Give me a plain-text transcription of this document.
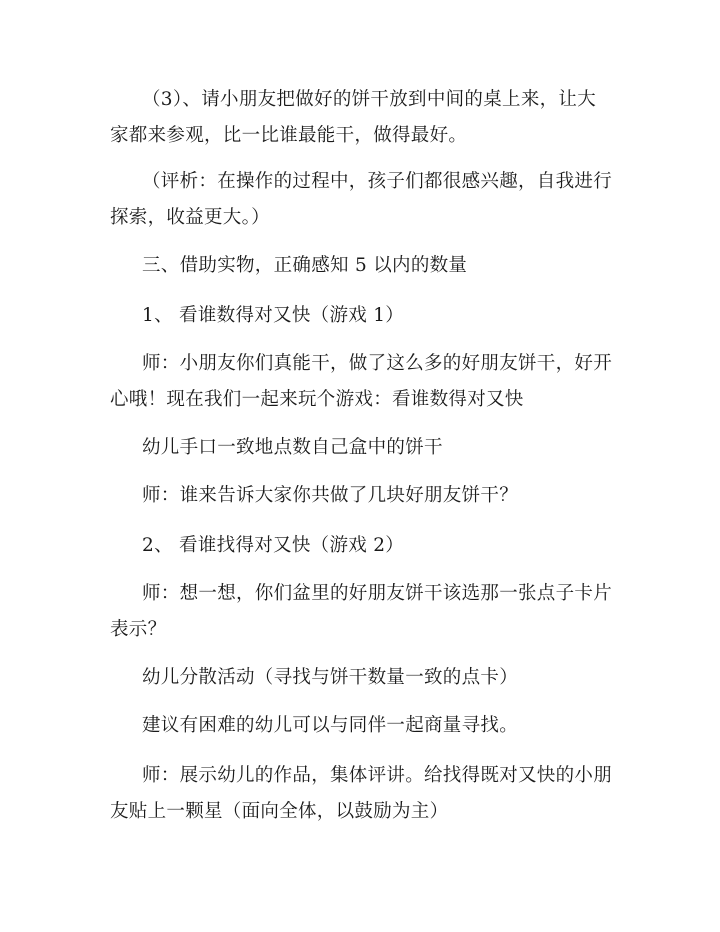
（3）、请小朋友把做好的饼干放到中间的桌上来，让大
家都来参观，比一比谁最能干，做得最好。

（评析：在操作的过程中，孩子们都很感兴趣，自我进行
探索，收益更大。）

三、借助实物，正确感知 5 以内的数量

1、 看谁数得对又快（游戏 1）

师：小朋友你们真能干，做了这么多的好朋友饼干，好开
心哦！现在我们一起来玩个游戏：看谁数得对又快

幼儿手口一致地点数自己盒中的饼干

师：谁来告诉大家你共做了几块好朋友饼干？

2、 看谁找得对又快（游戏 2）

师：想一想，你们盆里的好朋友饼干该选那一张点子卡片
表示？

幼儿分散活动（寻找与饼干数量一致的点卡）

建议有困难的幼儿可以与同伴一起商量寻找。

师：展示幼儿的作品，集体评讲。给找得既对又快的小朋
友贴上一颗星（面向全体，以鼓励为主）
